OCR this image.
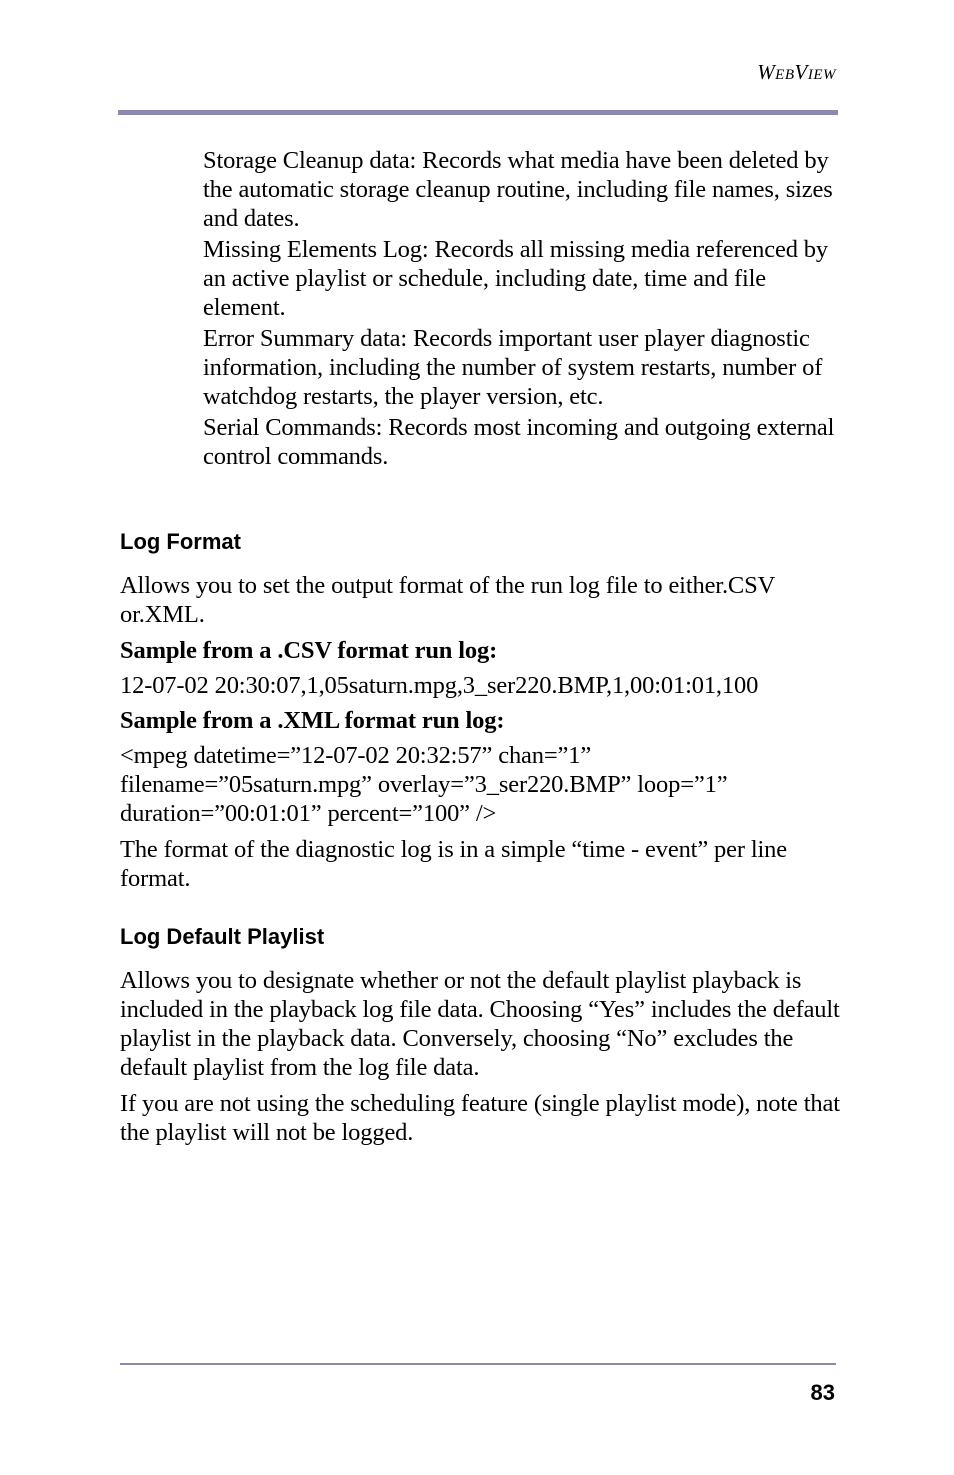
WebView

Storage Cleanup data: Records what media have been deleted by the automatic storage cleanup routine, including file names, sizes and dates.

Missing Elements Log: Records all missing media referenced by an active playlist or schedule, including date, time and file element.

Error Summary data: Records important user player diagnostic information, including the number of system restarts, number of watchdog restarts, the player version, etc.

Serial Commands: Records most incoming and outgoing external control commands.

Log Format

Allows you to set the output format of the run log file to either.CSV or.XML.

Sample from a .CSV format run log:

12-07-02 20:30:07,1,05saturn.mpg,3_ser220.BMP,1,00:01:01,100

Sample from a .XML format run log:

<mpeg datetime=”12-07-02 20:32:57” chan=”1” filename=”05saturn.mpg” overlay=”3_ser220.BMP” loop=”1” duration=”00:01:01” percent=”100” />

The format of the diagnostic log is in a simple “time - event” per line format.

Log Default Playlist

Allows you to designate whether or not the default playlist playback is included in the playback log file data. Choosing “Yes” includes the default playlist in the playback data. Conversely, choosing “No” excludes the default playlist from the log file data.

If you are not using the scheduling feature (single playlist mode), note that the playlist will not be logged.

83
